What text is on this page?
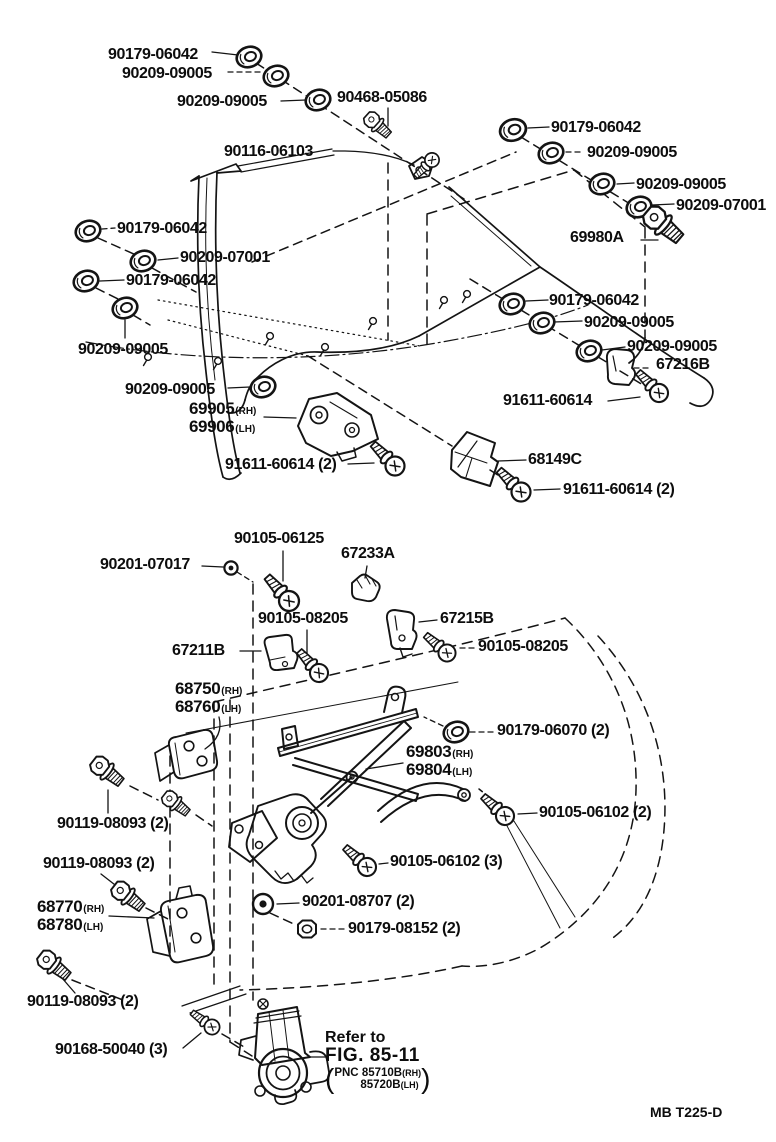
90179-06042
90209-09005
90209-09005	90468-05086
90116-06103
90179-06042
90209-09005
90209-09005
90209-07001
69980A
90179-06042
90209-07001
90179-06042
90209-09005
90209-09005
91611-60614 (2)
90179-06042
90209-09005
90209-09005
67216B
91611-60614
68149C
91611-60614 (2)
90105-06125
90201-07017
67233A
90105-08205	67215B
90105-08205
67211B
90179-06070 (2)
90105-06102 (2)
90119-08093 (2)
90105-06102 (3)
90119-08093 (2)
90201-08707 (2)
90179-08152 (2)
90119-08093 (2)
90168-50040 (3)
69905 (RH)
69906 (LH)
68750 (RH)
68760 (LH)
69803 (RH)
69804 (LH)
68770 (RH)
68780 (LH)
Refer to
FIG. 85-11
( PNC 85710B(RH)
85720B(LH) )
MB T225-D
